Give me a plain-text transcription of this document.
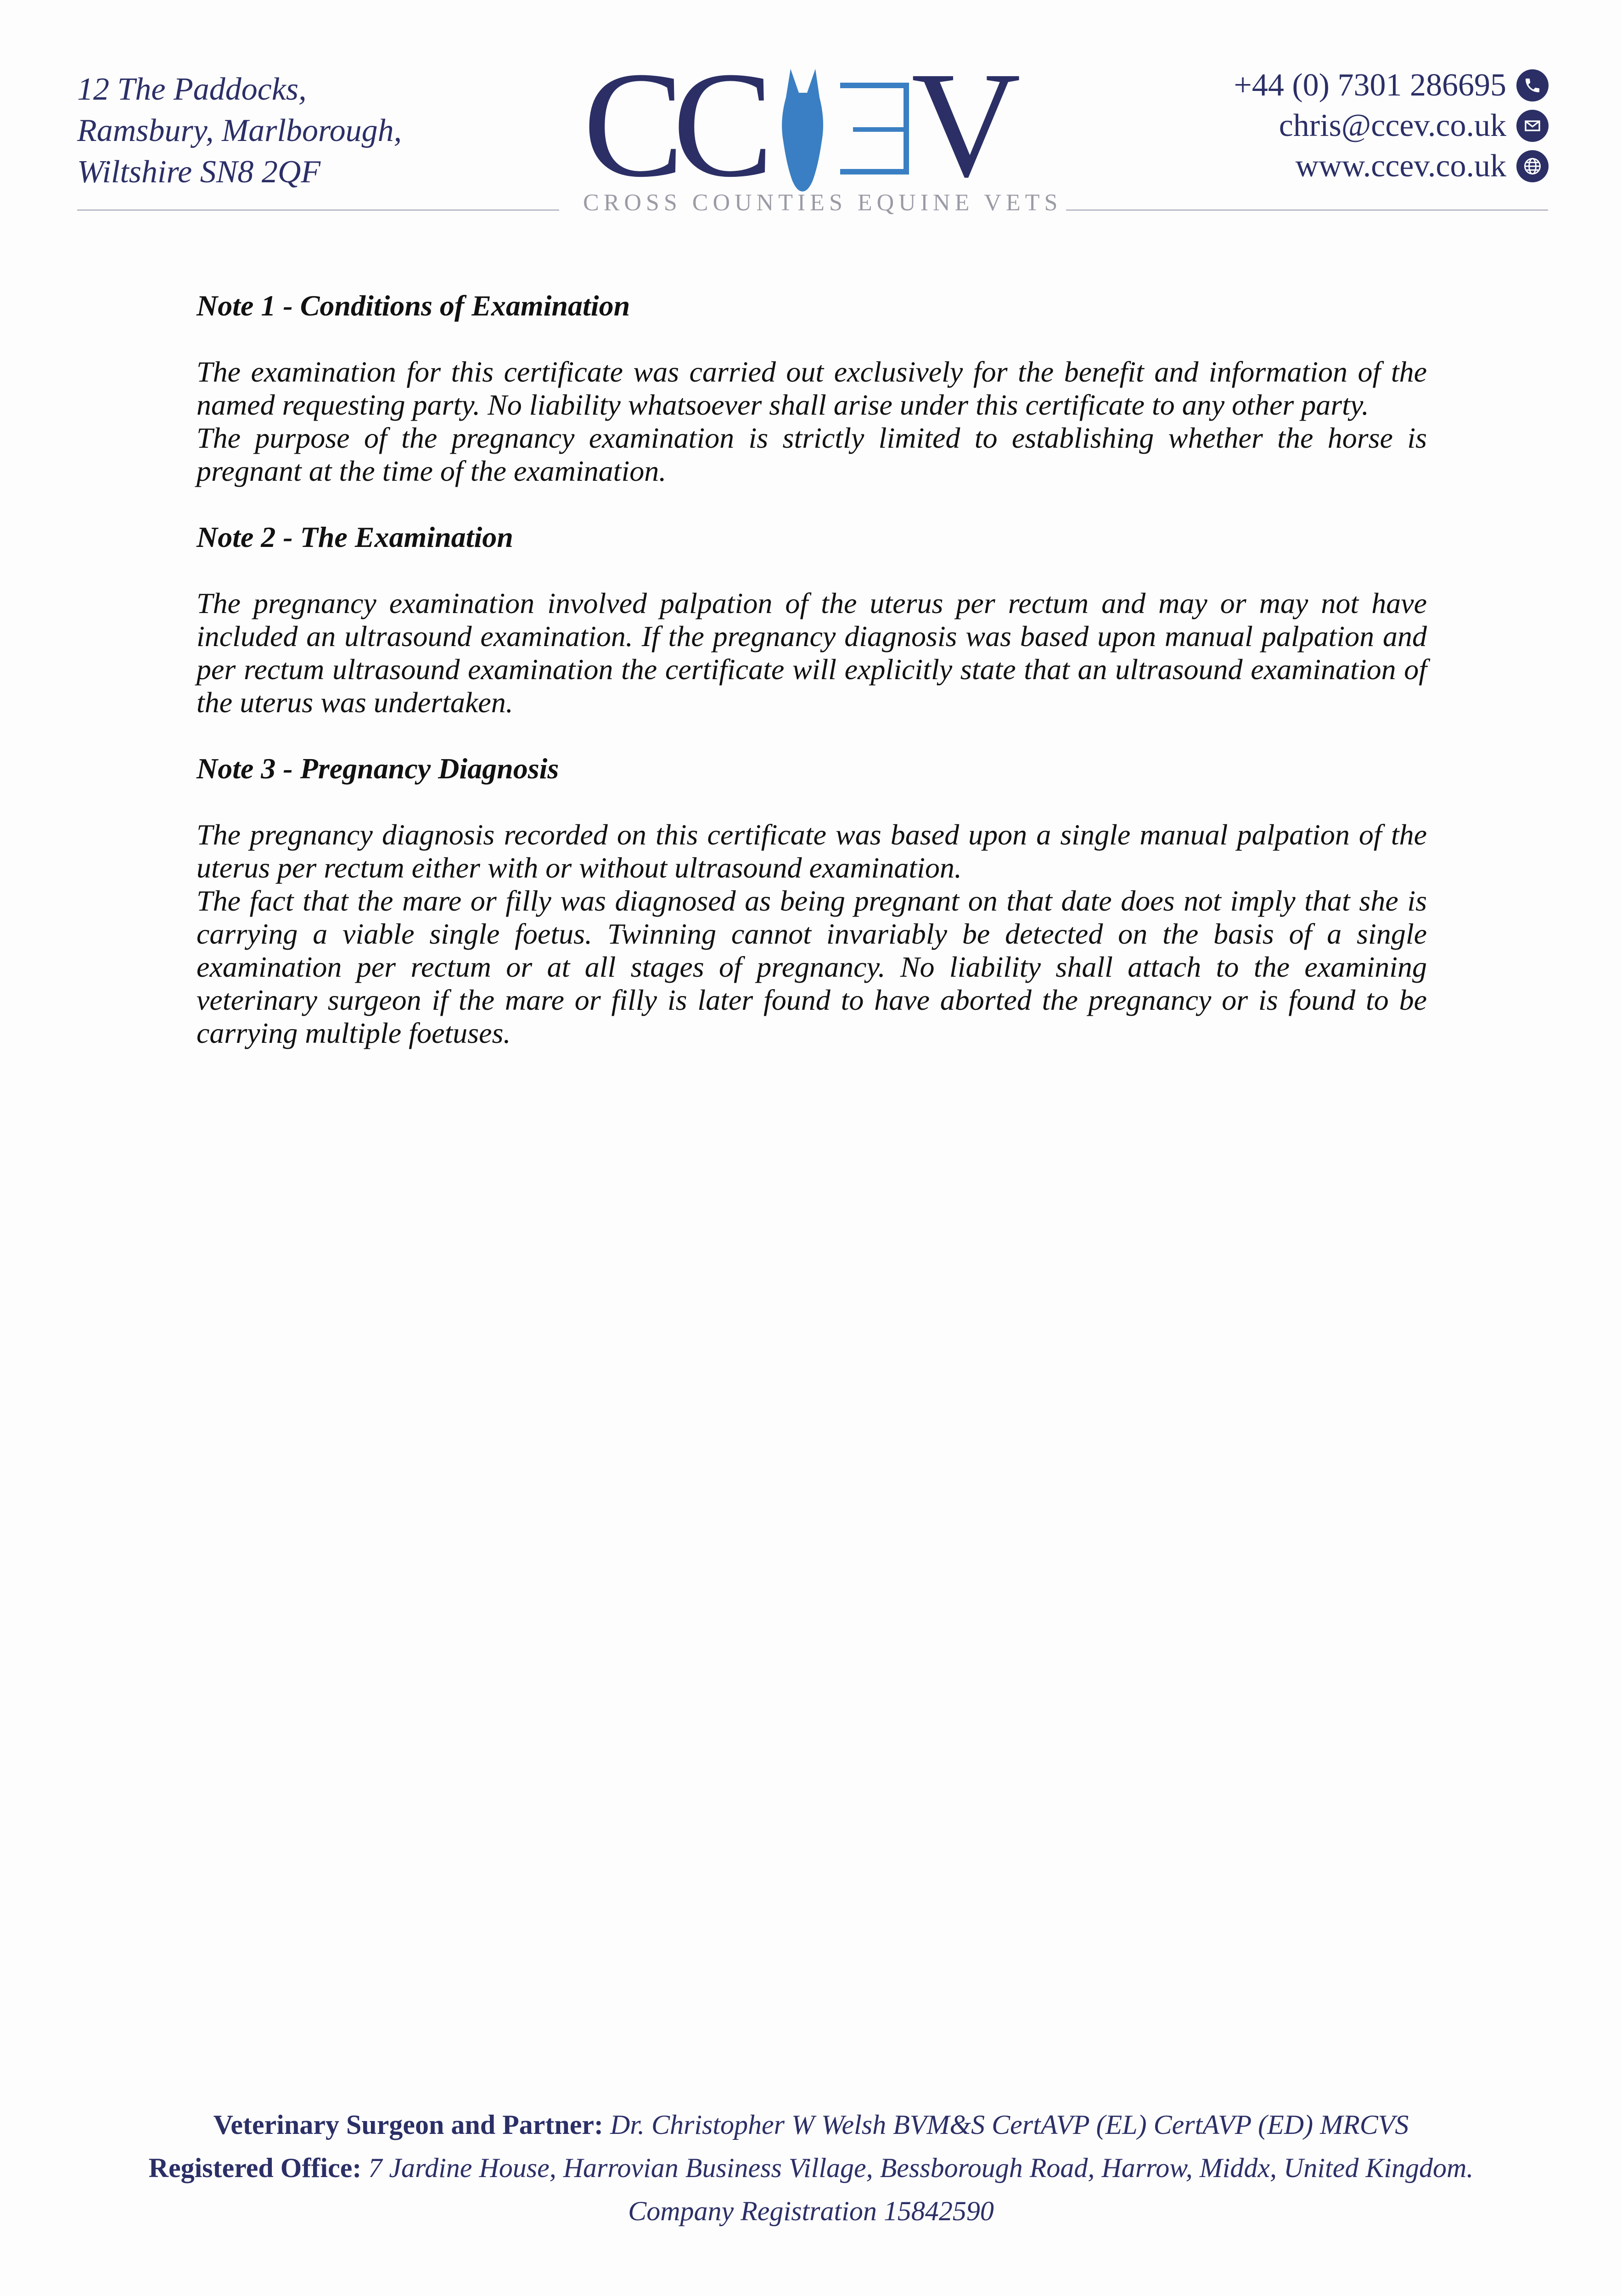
12 The Paddocks,
Ramsbury, Marlborough,
Wiltshire SN8 2QF	C
C V
CROSS COUNTIES EQUINE VETS
+44 (0) 7301 286695
chris@ccev.co.uk
www.ccev.co.uk

Note 1 - Conditions of Examination

The examination for this certificate was carried out exclusively for the benefit and information of the named requesting party. No liability whatsoever shall arise under this certificate to any other party.

The purpose of the pregnancy examination is strictly limited to establishing whether the horse is pregnant at the time of the examination.

Note 2 - The Examination

The pregnancy examination involved palpation of the uterus per rectum and may or may not have included an ultrasound examination. If the pregnancy diagnosis was based upon manual palpation and per rectum ultrasound examination the certificate will explicitly state that an ultrasound examination of the uterus was undertaken.

Note 3 - Pregnancy Diagnosis

The pregnancy diagnosis recorded on this certificate was based upon a single manual palpation of the uterus per rectum either with or without ultrasound examination.

The fact that the mare or filly was diagnosed as being pregnant on that date does not imply that she is carrying a viable single foetus. Twinning cannot invariably be detected on the basis of a single examination per rectum or at all stages of pregnancy. No liability shall attach to the examining veterinary surgeon if the mare or filly is later found to have aborted the pregnancy or is found to be carrying multiple foetuses.

Veterinary Surgeon and Partner: Dr. Christopher W Welsh BVM&S CertAVP (EL) CertAVP (ED) MRCVS
Registered Office: 7 Jardine House, Harrovian Business Village, Bessborough Road, Harrow, Middx, United Kingdom.
Company Registration 15842590
